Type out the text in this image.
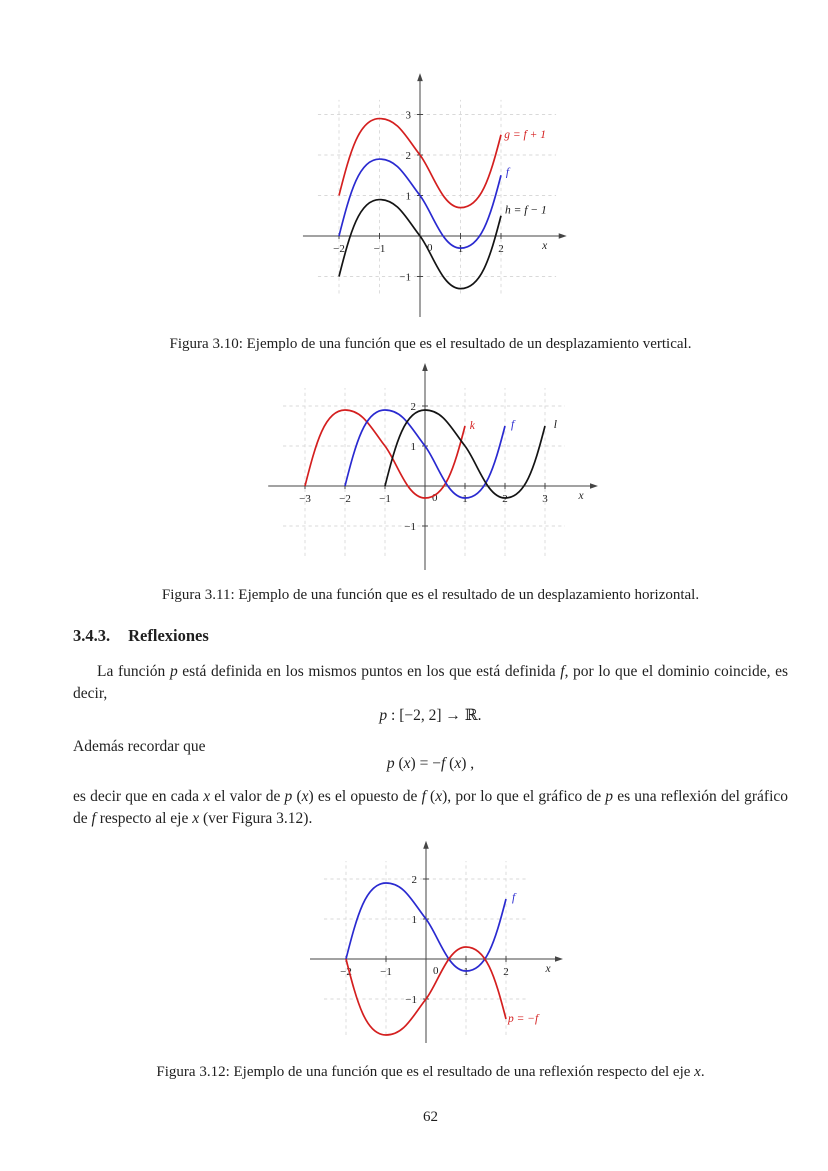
x
−2	−1	1	2
−1
1
2
3
0
h = f − 1
f
g = f + 1
Figura 3.10: Ejemplo de una función que es el resultado de un desplazamiento vertical.
x
−3	−2	−1	1	2	3
−1
1
2
0
k	f	l
Figura 3.11: Ejemplo de una función que es el resultado de un desplazamiento horizontal.
3.4.3. Reflexiones
La función p está definida en los mismos puntos en los que está definida f, por lo que el dominio coincide, es decir,
p : [−2, 2] → ℝ.
Además recordar que
p (x) = −f (x) ,
es decir que en cada x el valor de p (x) es el opuesto de f (x), por lo que el gráfico de p es una reflexión del gráfico de f respecto al eje x (ver Figura 3.12).
x
−2	−1	1	2
−1
1
2
0
f
p = −f
Figura 3.12: Ejemplo de una función que es el resultado de una reflexión respecto del eje x.
62
